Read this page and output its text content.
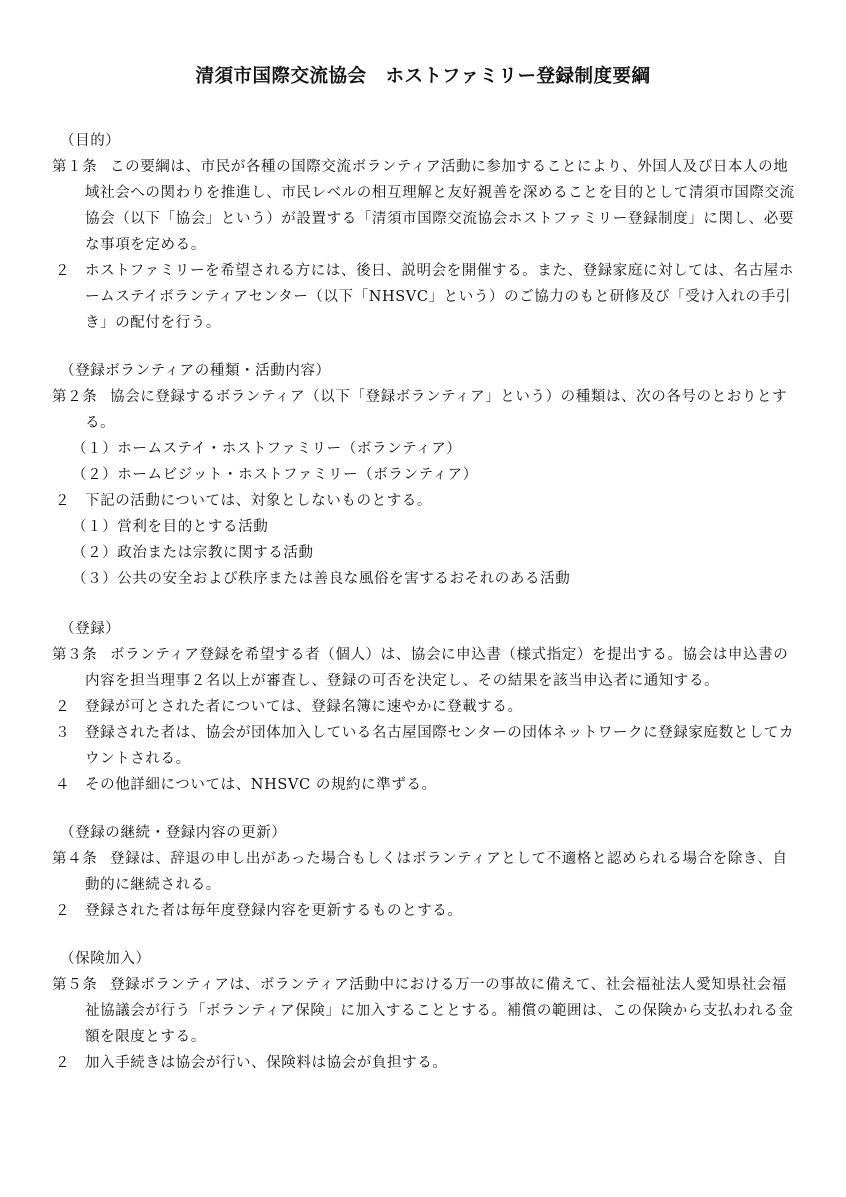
清須市国際交流協会　ホストファミリー登録制度要綱
（目的）
第１条 この要綱は、市民が各種の国際交流ボランティア活動に参加することにより、外国人及び日本人の地
域社会への関わりを推進し、市民レベルの相互理解と友好親善を深めることを目的として清須市国際交流
協会（以下「協会」という）が設置する「清須市国際交流協会ホストファミリー登録制度」に関し、必要
な事項を定める。
２ ホストファミリーを希望される方には、後日、説明会を開催する。また、登録家庭に対しては、名古屋ホ
ームステイボランティアセンター（以下「NHSVC」という）のご協力のもと研修及び「受け入れの手引
き」の配付を行う。
（登録ボランティアの種類・活動内容）
第２条 協会に登録するボランティア（以下「登録ボランティア」という）の種類は、次の各号のとおりとす
る。
（１）ホームステイ・ホストファミリー（ボランティア）
（２）ホームビジット・ホストファミリー（ボランティア）
２ 下記の活動については、対象としないものとする。
（１）営利を目的とする活動
（２）政治または宗教に関する活動
（３）公共の安全および秩序または善良な風俗を害するおそれのある活動
（登録）
第３条 ボランティア登録を希望する者（個人）は、協会に申込書（様式指定）を提出する。協会は申込書の
内容を担当理事２名以上が審査し、登録の可否を決定し、その結果を該当申込者に通知する。
２ 登録が可とされた者については、登録名簿に速やかに登載する。
３ 登録された者は、協会が団体加入している名古屋国際センターの団体ネットワークに登録家庭数としてカ
ウントされる。
４ その他詳細については、NHSVC の規約に準ずる。
（登録の継続・登録内容の更新）
第４条 登録は、辞退の申し出があった場合もしくはボランティアとして不適格と認められる場合を除き、自
動的に継続される。
２ 登録された者は毎年度登録内容を更新するものとする。
（保険加入）
第５条 登録ボランティアは、ボランティア活動中における万一の事故に備えて、社会福祉法人愛知県社会福
祉協議会が行う「ボランティア保険」に加入することとする。補償の範囲は、この保険から支払われる金
額を限度とする。
２ 加入手続きは協会が行い、保険料は協会が負担する。
